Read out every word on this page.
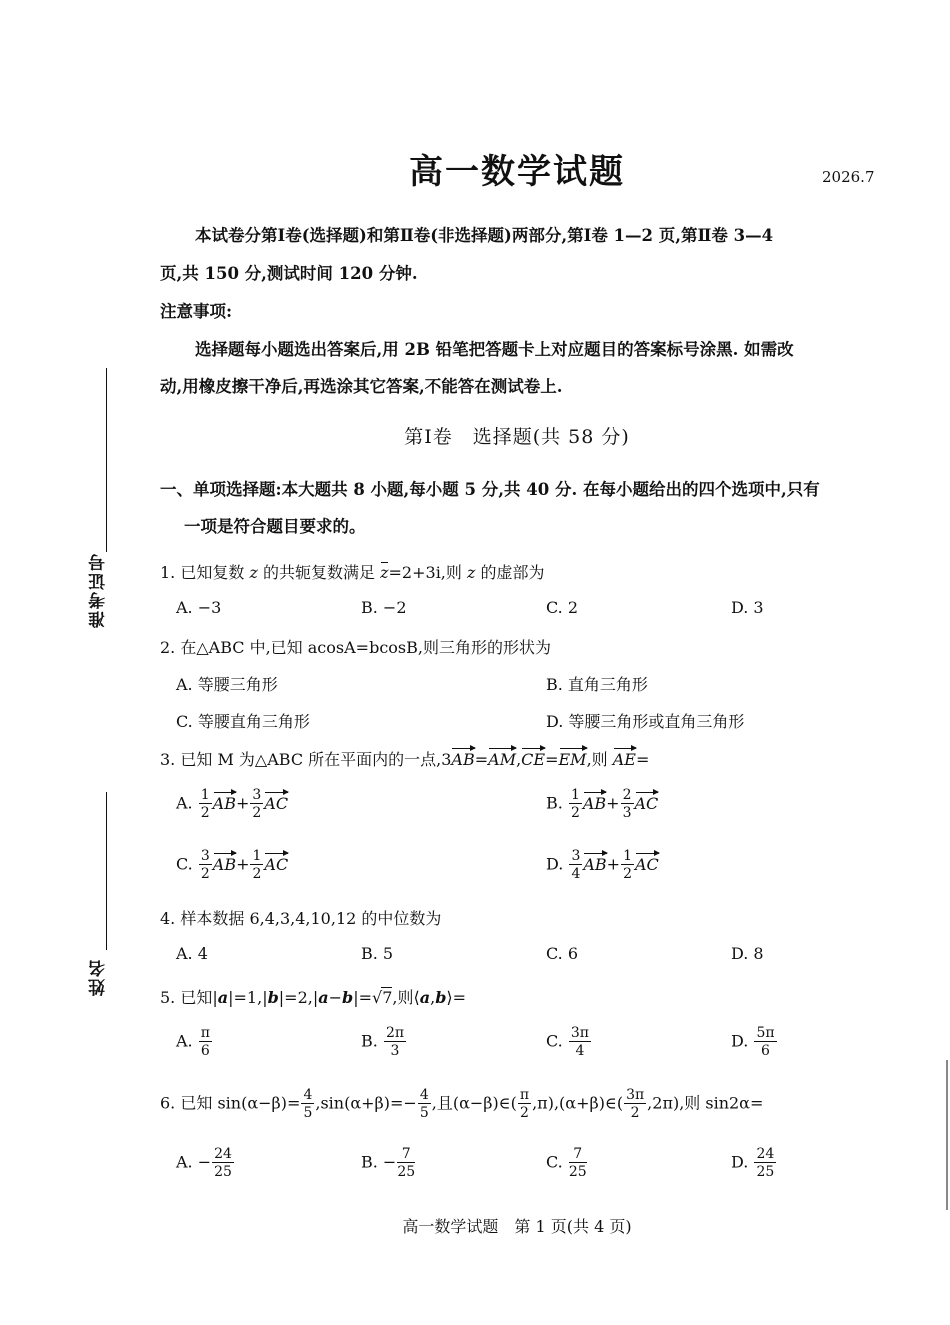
高一数学试题	2026.7
本试卷分第Ⅰ卷(选择题)和第Ⅱ卷(非选择题)两部分,第Ⅰ卷 1—2 页,第Ⅱ卷 3—4
页,共 150 分,测试时间 120 分钟.
注意事项:
选择题每小题选出答案后,用 2B 铅笔把答题卡上对应题目的答案标号涂黑. 如需改
动,用橡皮擦干净后,再选涂其它答案,不能答在测试卷上.
第Ⅰ卷　选择题(共 58 分)
一、单项选择题:本大题共 8 小题,每小题 5 分,共 40 分. 在每小题给出的四个选项中,只有
一项是符合题目要求的。
准考证号
姓名
1. 已知复数 z 的共轭复数满足 z=2+3i,则 z 的虚部为
A. −3	B. −2	C. 2	D. 3
2. 在△ABC 中,已知 acosA=bcosB,则三角形的形状为
A. 等腰三角形	B. 直角三角形
C. 等腰直角三角形	D. 等腰三角形或直角三角形
3. 已知 M 为△ABC 所在平面内的一点,3AB=AM,CE=EM,则 AE=
A. $\frac{1}{2} AB+ \frac{3}{2}$ AC	B. $\frac{1}{2} AB+ \frac{2}{3}$ AC
C. $\frac{3}{2} AB+ \frac{1}{2}$ AC	D. $\frac{3}{4} AB+ \frac{1}{2}$ AC
4. 样本数据 6,4,3,4,10,12 的中位数为
A. 4	B. 5	C. 6	D. 8
5. 已知|a|=1,|b|=2,|a−b|=√7,则⟨a,b⟩=
A. $\frac{\pi}{6}$	B. $\frac{2\pi}{3}$	C. $\frac{3\pi}{4}$	D. $\frac{5\pi}{6}$
6. 已知 $\sin(\alpha-\beta)= \frac{4}{5} ,\sin(\alpha+\beta)=- \frac{4}{5}$ ,且(α−β)∈( $\frac{\pi}{2}$ ,π),(α+β)∈( $\frac{3\pi}{2} ,2\pi$),则 sin2α=
A. − $\frac{24}{25}$	B. − $\frac{7}{25}$	C. $\frac{7}{25}$	D. $\frac{24}{25}$
高一数学试题　第 1 页(共 4 页)
